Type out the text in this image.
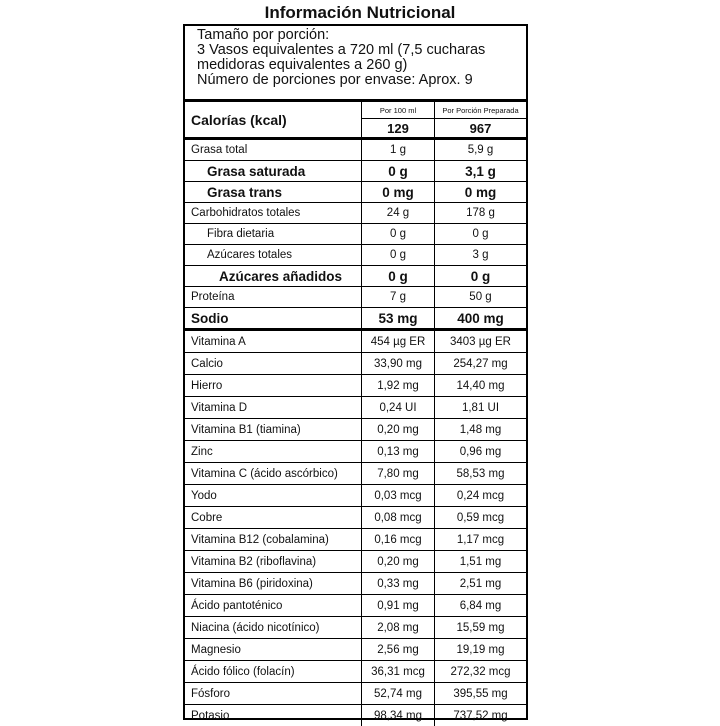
Información Nutricional
Tamaño por porción:
3 Vasos equivalentes a 720 ml (7,5 cucharas
medidoras equivalentes a 260 g)
Número de porciones por envase: Aprox. 9
Calorías (kcal)	Por 100 ml	Por Porción Preparada
	129	967
Grasa total	1 g	5,9 g
Grasa saturada	0 g	3,1 g
Grasa trans	0 mg	0 mg
Carbohidratos totales	24 g	178 g
Fibra dietaria	0 g	0 g
Azúcares totales	0 g	3 g
Azúcares añadidos	0 g	0 g
Proteína	7 g	50 g
Sodio	53 mg	400 mg
Vitamina A	454 µg ER	3403 µg ER
Calcio	33,90 mg	254,27 mg
Hierro	1,92 mg	14,40 mg
Vitamina D	0,24 UI	1,81 UI
Vitamina B1 (tiamina)	0,20 mg	1,48 mg
Zinc	0,13 mg	0,96 mg
Vitamina C (ácido ascórbico)	7,80 mg	58,53 mg
Yodo	0,03 mcg	0,24 mcg
Cobre	0,08 mcg	0,59 mcg
Vitamina B12 (cobalamina)	0,16 mcg	1,17 mcg
Vitamina B2 (riboflavina)	0,20 mg	1,51 mg
Vitamina B6 (piridoxina)	0,33 mg	2,51 mg
Ácido pantoténico	0,91 mg	6,84 mg
Niacina (ácido nicotínico)	2,08 mg	15,59 mg
Magnesio	2,56 mg	19,19 mg
Ácido fólico (folacín)	36,31 mcg	272,32 mcg
Fósforo	52,74 mg	395,55 mg
Potasio	98,34 mg	737,52 mg
